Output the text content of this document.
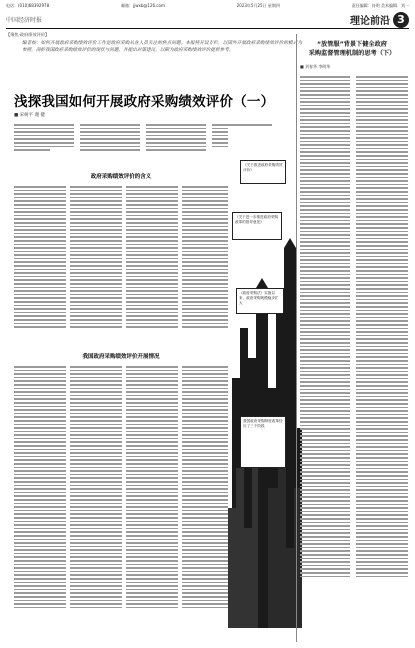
电话：(010)68392978	邮箱：jjwxb@126.com	2023年5月25日 星期四	责任编辑：佟明 美术编辑：刘一
中国经济时报	理论前沿 3
【聚焦·政府绩效评价】
编者按：如何开展政府采购绩效评价工作是政府采购从业人员关注的焦点问题。本报特开设专栏，以国外开展政府采购绩效评价的模式为参照，剖析我国政府采购绩效评价的现状与问题，并提出对策建议，以期为政府采购绩效评价提供参考。
浅探我国如何开展政府采购绩效评价（一）
■ 宋树平 谢 健
政府采购绩效评价的含义
我国政府采购绩效评价开展情况
《关于推进政府采购绩效评价》
《关于进一步推进政府采购改革的指导意见》
《政府采购法》实施以来，政府采购规模稳步扩大
我国政府采购制度改革经历了三个阶段
“放管服”背景下健全政府
采购监督管理机制的思考（下）
■ 刘春华 李明华
